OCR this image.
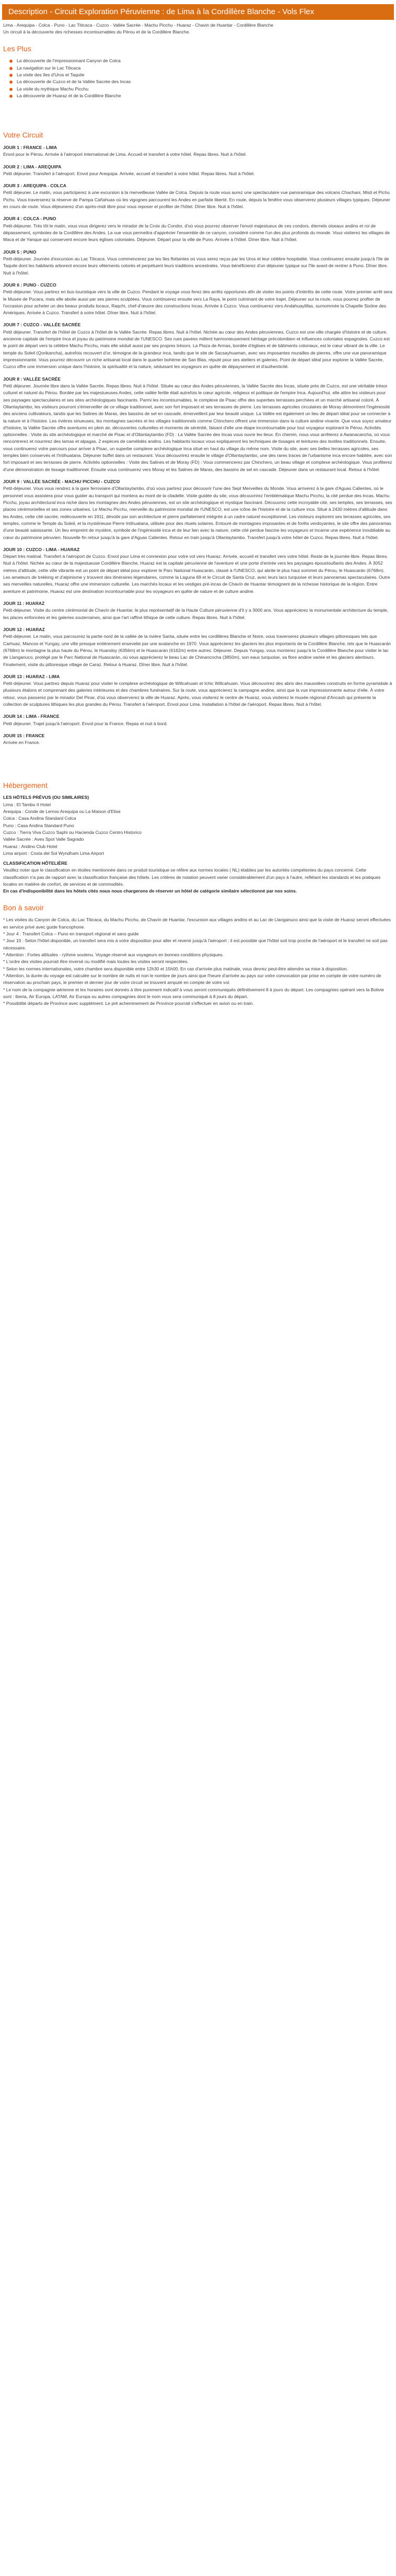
Description - Circuit Exploration Péruvienne : de Lima à la Cordillère Blanche - Vols Flex

Lima - Arequipa - Colca - Puno - Lac Titicaca - Cuzco - Vallée Sacrée - Machu Picchu - Huaraz - Chavin de Huantar - Cordillère Blanche

Un circuit à la découverte des richesses incontournables du Pérou et de la Cordillère Blanche.

Les Plus
La découverte de l'impressionnant Canyon de Colca
La navigation sur le Lac Titicaca
La visite des îles d'Uros et Taquile
La découverte de Cuzco et de la Vallée Sacrée des Incas
La visite du mythique Machu Picchu
La découverte de Huaraz et de la Cordillère Blanche
Votre Circuit
JOUR 1 : FRANCE - LIMA

Envol pour le Pérou. Arrivée à l'aéroport international de Lima. Accueil et transfert à votre hôtel. Repas libres. Nuit à l'hôtel.

JOUR 2 : LIMA - AREQUIPA

Petit déjeuner. Transfert à l'aéroport. Envol pour Arequipa. Arrivée, accueil et transfert à votre hôtel. Repas libres. Nuit à l'hôtel.

JOUR 3 : AREQUIPA - COLCA

Petit déjeuner. Le matin, vous participerez à une excursion à la merveilleuse Vallée de Colca. Depuis la route vous aurez une spectaculaire vue panoramique des volcans Chachani, Misti et Pichu Pichu. Vous traverserez la réserve de Pampa Cañahuas où les vigognes parcourent les Andes en parfaite liberté. En route, depuis la fenêtre vous observerez plusieurs villages typiques. Déjeuner en cours de route. Vous déjeunerez d'un après-midi libre pour vous reposer et profiter de l'hôtel. Dîner libre. Nuit à l'hôtel.

JOUR 4 : COLCA - PUNO

Petit-déjeuner. Très tôt le matin, vous vous dirigerez vers le mirador de la Croix du Condor, d'où vous pourrez observer l'envol majestueux de ces condors, éternels oiseaux andins et roi de dépassement, symboles de la Cordillère des Andes. La vue vous permettra d'apprécier l'ensemble de ce canyon, considéré comme l'un des plus profonds du monde. Vous visiterez les villages de Maca et de Yanque qui conservent encore leurs églises coloniales. Déjeuner. Départ pour la ville de Puno. Arrivée à l'hôtel. Dîner libre. Nuit à l'hôtel.

JOUR 5 : PUNO

Petit-déjeuner. Journée d'excursion au Lac Titicaca. Vous commencerez par les îles flottantes où vous serez reçus par les Uros et leur célèbre hospitalité. Vous continuerez ensuite jusqu'à l'île de Taquile dont les habitants arborent encore leurs vêtements colorés et perpétuent leurs traditions ancestrales. Vous bénéficierez d'un déjeuner typique sur l'île avant de rentrer à Puno. Dîner libre. Nuit à l'hôtel.

JOUR 6 : PUNO - CUZCO

Petit-déjeuner. Vous partirez en bus touristique vers la ville de Cuzco. Pendant le voyage vous ferez des arrêts opportunes afin de visiter les points d'intérêts de cette route. Votre premier arrêt sera le Musée de Pucara, mais elle abolie aussi par ses pierres sculptées. Vous continuerez ensuite vers La Raya, le point culminant de votre trajet. Déjeuner sur la route, vous pourrez profiter de l'occasion pour acheter un des beaux produits locaux, Raqchi, chef-d'œuvre des constructions Incas. Arrivée à Cuzco. Vous continuerez vers Andahuaylillas, surnommée la Chapelle Sixtine des Amériques. Arrivée à Cuzco. Transfert à votre hôtel. Dîner libre. Nuit à l'hôtel.

JOUR 7 : CUZCO - VALLÉE SACRÉE

Petit déjeuner. Transfert de l'hôtel de Cuzco à l'hôtel de la Vallée Sacrée. Repas libres. Nuit à l'hôtel. Nichée au cœur des Andes péruviennes, Cuzco est une ville chargée d'histoire et de culture, ancienne capitale de l'empire Inca et joyau du patrimoine mondial de l'UNESCO. Ses rues pavées mêlent harmonieusement héritage précolombien et influences coloniales espagnoles. Cuzco est le point de départ vers la célèbre Machu Picchu, mais elle séduit aussi par ses propres trésors. La Plaza de Armas, bordée d'églises et de bâtiments coloniaux, est le cœur vibrant de la ville. Le temple du Soleil (Qorikancha), autrefois recouvert d'or, témoigne de la grandeur inca, tandis que le site de Sacsayhuaman, avec ses imposantes murailles de pierres, offre une vue panoramique impressionnante. Vous pourrez découvrir un riche artisanat local dans le quartier bohème de San Blas, réputé pour ses ateliers et galeries. Point de départ idéal pour explorer la Vallée Sacrée, Cuzco offre une immersion unique dans l'histoire, la spiritualité et la nature, séduisant les voyageurs en quête de dépaysement et d'authenticité.

JOUR 8 : VALLÉE SACRÉE

Petit déjeuner. Journée libre dans la Vallée Sacrée. Repas libres. Nuit à l'hôtel. Située au cœur des Andes péruviennes, la Vallée Sacrée des Incas, située près de Cuzco, est une véritable trésor culturel et naturel du Pérou. Bordée par les majestueuses Andes, cette vallée fertile était autrefois le cœur agricole, religieux et politique de l'empire Inca. Aujourd'hui, elle attire les visiteurs pour ses paysages spectaculaires et ses sites archéologiques fascinants. Parmi les incontournables, le complexe de Pisac offre des superbes terrasses perchées et un marché artisanal coloré. À Ollantaytambo, les visiteurs pourront s'émerveiller de ce village traditionnel, avec son fort imposant et ses terrasses de pierre. Les terrasses agricoles circulaires de Moray démontrent l'ingéniosité des anciens cultivateurs, tandis que les Salines de Maras, des bassins de sel en cascade, émerveillent par leur beauté unique. La Vallée est également un lieu de départ idéal pour se connecter à la nature et à l'histoire. Les rivières sinueuses, les montagnes sacrées et les villages traditionnels comme Chinchero offrent une immersion dans la culture andine vivante. Que vous soyez amateur d'histoire, la Vallée Sacrée offre aventures en plein air, découvertes culturelles et moments de sérénité, faisant d'elle une étape incontournable pour tout voyageur explorant le Pérou. Activités optionnelles : Visite du site archéologique et marché de Pisac et d'Ollantaytambo (FD) : La Vallée Sacrée des Incas vous ouvre les lieux. En chemin, nous vous arrêterez à Awanacancha, où vous rencontrerez et nourrirez des lamas et alpagas, 2 espèces de camélidés andins. Les habitants locaux vous expliqueront les techniques de tissages et teintures des textiles traditionnels. Ensuite, vous continuerez votre parcours pour arriver à Pisac, un superbe complexe archéologique Inca situé en haut du village du même nom. Visite du site, avec ses belles terrasses agricoles, ses temples bien conservés et l'Intihuatana. Déjeuner buffet dans un restaurant. Vous découvrirez ensuite le village d'Ollantaytambo, une des rares traces de l'urbanisme inca encore habitée, avec son fort imposant et ses terrasses de pierre. Activités optionnelles : Visite des Salines et de Moray (FD) : Vous commencerez par Chinchero, un beau village et complexe archéologique. Vous profiterez d'une démonstration de tissage traditionnel. Ensuite vous continuerez vers Moray et les Salines de Maras, des bassins de sel en cascade. Déjeuner dans un restaurant local. Retour à l'hôtel.

JOUR 9 : VALLÉE SACRÉE - MACHU PICCHU - CUZCO

Petit-déjeuner. Vous vous rendrez à la gare ferroviaire d'Ollantaytambo, d'où vous partirez pour découvrir l'une des Sept Merveilles du Monde. Vous arriverez à la gare d'Aguas Calientes, où le personnel vous assistera pour vous guider au transport qui montera au mont de la citadelle. Visite guidée du site, vous découvrirez l'emblématique Machu Picchu, la cité perdue des Incas. Machu Picchu, joyau architectural inca niché dans les montagnes des Andes péruviennes, est un site archéologique et mystique fascinant. Découvrez cette incroyable cité, ses temples, ses terrasses, ses places cérémonielles et ses zones urbaines. Le Machu Picchu, merveille du patrimoine mondial de l'UNESCO, est une icône de l'histoire et de la culture inca. Situé à 2430 mètres d'altitude dans les Andes, cette cité sacrée, redécouverte en 1911, dévoile par son architecture et pierre parfaitement intégrée à un cadre naturel exceptionnel. Les visiteurs explorent ses terrasses agricoles, ses temples, comme le Temple du Soleil, et la mystérieuse Pierre Intihuatana, utilisée pour des rituels solaires. Entouré de montagnes imposantes et de forêts verdoyantes, le site offre des panoramas d'une beauté saisissante. Un lieu empreint de mystère, symbole de l'ingéniosité inca et de leur lien avec la nature, cette cité perdue fascine les voyageurs et incarne une expérience inoubliable au cœur du patrimoine péruvien. Nouvelle fin retour jusqu'à la gare d'Aguas Calientes. Retour en train jusqu'à Ollantaytambo. Transfert jusqu'à votre hôtel de Cuzco. Repas libres. Nuit à l'hôtel.

JOUR 10 : CUZCO - LIMA - HUARAZ

Départ très matinal. Transfert à l'aéroport de Cuzco. Envol pour Lima et connexion pour votre vol vers Huaraz. Arrivée, accueil et transfert vers votre hôtel. Reste de la journée libre. Repas libres. Nuit à l'hôtel. Nichée au cœur de la majestueuse Cordillère Blanche, Huaraz est la capitale péruvienne de l'aventure et une porte d'entrée vers les paysages époustouflants des Andes. À 3052 mètres d'altitude, cette ville vibrante est un point de départ idéal pour explorer le Parc National Huascarán, classé à l'UNESCO, qui abrite le plus haut sommet du Pérou, le Huascarán (6768m). Les amateurs de trekking et d'alpinisme y trouvent des itinéraires légendaires, comme la Laguna 69 et le Circuit de Santa Cruz, avec leurs lacs turquoise et leurs panoramas spectaculaires. Outre ses merveilles naturelles, Huaraz offre une immersion culturelle. Les marchés locaux et les vestiges pré-incas de Chavín de Huantar témoignent de la richesse historique de la région. Entre aventure et patrimoine, Huaraz est une destination incontournable pour les voyageurs en quête de nature et de culture andine.

JOUR 11 : HUARAZ

Petit-déjeuner. Visite du centre cérémonial de Chavín de Huantar, le plus représentatif de la Haute Culture péruvienne d'il y a 3000 ans. Vous apprécierez la monumentale architecture du temple, les places enfoncées et les galeries souterraines, ainsi que l'art raffiné lithique de cette culture. Repas libres. Nuit à l'hôtel.

JOUR 12 : HUARAZ

Petit-déjeuner. Le matin, vous parcourrez la partie nord de la vallée de la rivière Santa, située entre les cordillères Blanche et Noire, vous traverserez plusieurs villages pittoresques tels que Carhuaz, Mancos et Yungay, une ville presque entièrement ensevelie par une avalanche en 1970. Vous apprécierez les glaciers les plus importants de la Cordillère Blanche, tels que le Huascarán (6768m) le montagne la plus haute du Pérou, le Huandoy (6356m) et le Huascarán (6162m) entre autres. Déjeuner. Depuis Yungay, vous monterez jusqu'à la Cordillère Blanche pour visiter le lac de Llanganuco, protégé par le Parc National de Huascarán, où vous apprécierez le beau Lac de Chinancocha (3850m), son eaux turquoise, sa flore andine variée et les glaciers alentours. Finalement, visite du pittoresque village de Caraz. Retour à Huaraz. Dîner libre. Nuit à l'hôtel.

JOUR 13 : HUARAZ - LIMA

Petit-déjeuner. Vous partirez depuis Huaraz pour visiter le complexe archéologique de Willcahuain et Ichic Willcahuain. Vous découvrirez des abris des mausolées construits en forme pyramidale à plusieurs étalons et comprenant des galeries intérieures et des chambres funéraires. Sur la route, vous apprécierez la campagne andine, ainsi que la vue impressionnante autour d'elle. À votre retour, vous passerez par le mirador Del Pinar, d'où vous observerez la ville de Huaraz. Après, vous visiterez le centre de Huaraz, vous visiterez le musée régional d'Ancash qui présente la collection de sculptures lithiques les plus grandes du Pérou. Transfert à l'aéroport. Envol pour Lima. Installation à l'hôtel de l'aéroport. Repas libres. Nuit à l'hôtel.

JOUR 14 : LIMA - FRANCE

Petit déjeuner. Trajet jusqu'à l'aéroport. Envol pour la France. Repas et nuit à bord.

JOUR 15 : FRANCE

Arrivée en France.

Hébergement

LES HÔTELS PRÉVUS (OU SIMILAIRES)

Lima : El Tambo II Hotel

Arequipa : Conde de Lemos Arequipa ou La Maison d'Elise

Colca : Casa Andina Standard Colca

Puno : Casa Andina Standard Puno

Cuzco : Tierra Viva Cuzco Saphi ou Hacienda Cuzco Centro Historico

Vallée Sacrée : Aves Spot Valle Sagrado

Huaraz : Andino Club Hotel

Lima airport : Costa del Sol Wyndham Lima Airport

CLASSIFICATION HÔTELIÈRE

Veuillez noter que le classification en étoiles mentionnée dans ce produit touristique se réfère aux normes locales ( NL) établies par les autorités compétentes du pays concerné. Cette classification n'a pas de rapport avec la classification française des hôtels. Les critères de notation peuvent varier considérablement d'un pays à l'autre, reflétant les standards et les pratiques locales en matière de confort, de services et de commodités.

En cas d'indisponibilité dans les hôtels cités nous nous chargerons de réserver un hôtel de catégorie similaire sélectionné par nos soins.

Bon à savoir

* Les visites du Canyon de Colca, du Lac Titicaca, du Machu Picchu, de Chavín de Huantar, l'excursion aux villages andins et au Lac de Llanganuco ainsi que la visite de Huaraz seront effectuées en service privé avec guide francophone.

* Jour 4 : Transfert Colca – Puno en transport régional et sans guide

* Jour 10 : Selon l'hôtel disponible, un transfert sera mis à votre disposition pour aller et revenir jusqu'à l'aéroport ; il est possible que l'hôtel soit trop proche de l'aéroport et le transfert ne soit pas nécessaire.

* Attention : Fortes altitudes - rythme soutenu. Voyage réservé aux voyageurs en bonnes conditions physiques.

* L'ordre des visites pourrait être inversé ou modifié mais toutes les visites seront respectées.

* Selon les normes internationales, votre chambre sera disponible entre 12h30 et 15h00. En cas d'arrivée plus matinale, vous devrez peut-être attendre sa mise à disposition.

* Attention, la durée du voyage est calculée sur le nombre de nuits et non le nombre de jours ainsi que l'heure d'arrivée au pays sur votre convocation par prise en compte de votre numéro de réservation au prochain pays, le premier et dernier jour de votre circuit se trouvent amputé en compte de votre vol.

* Le nom de la compagnie aérienne et les horaires sont donnés à titre purement indicatif à vous seront communiqués définitivement 8 à jours du départ. Les compagnies opérant vers la Bolivie sont : Iberia, Air Europa, LATAM, Air Europa ou autres compagnies dont le nom vous sera communiqué à 8 jours du départ.

* Possibilité départs de Province avec supplément. Le pré acheminement de Province pourrait s'effectuer en avion ou en train.
